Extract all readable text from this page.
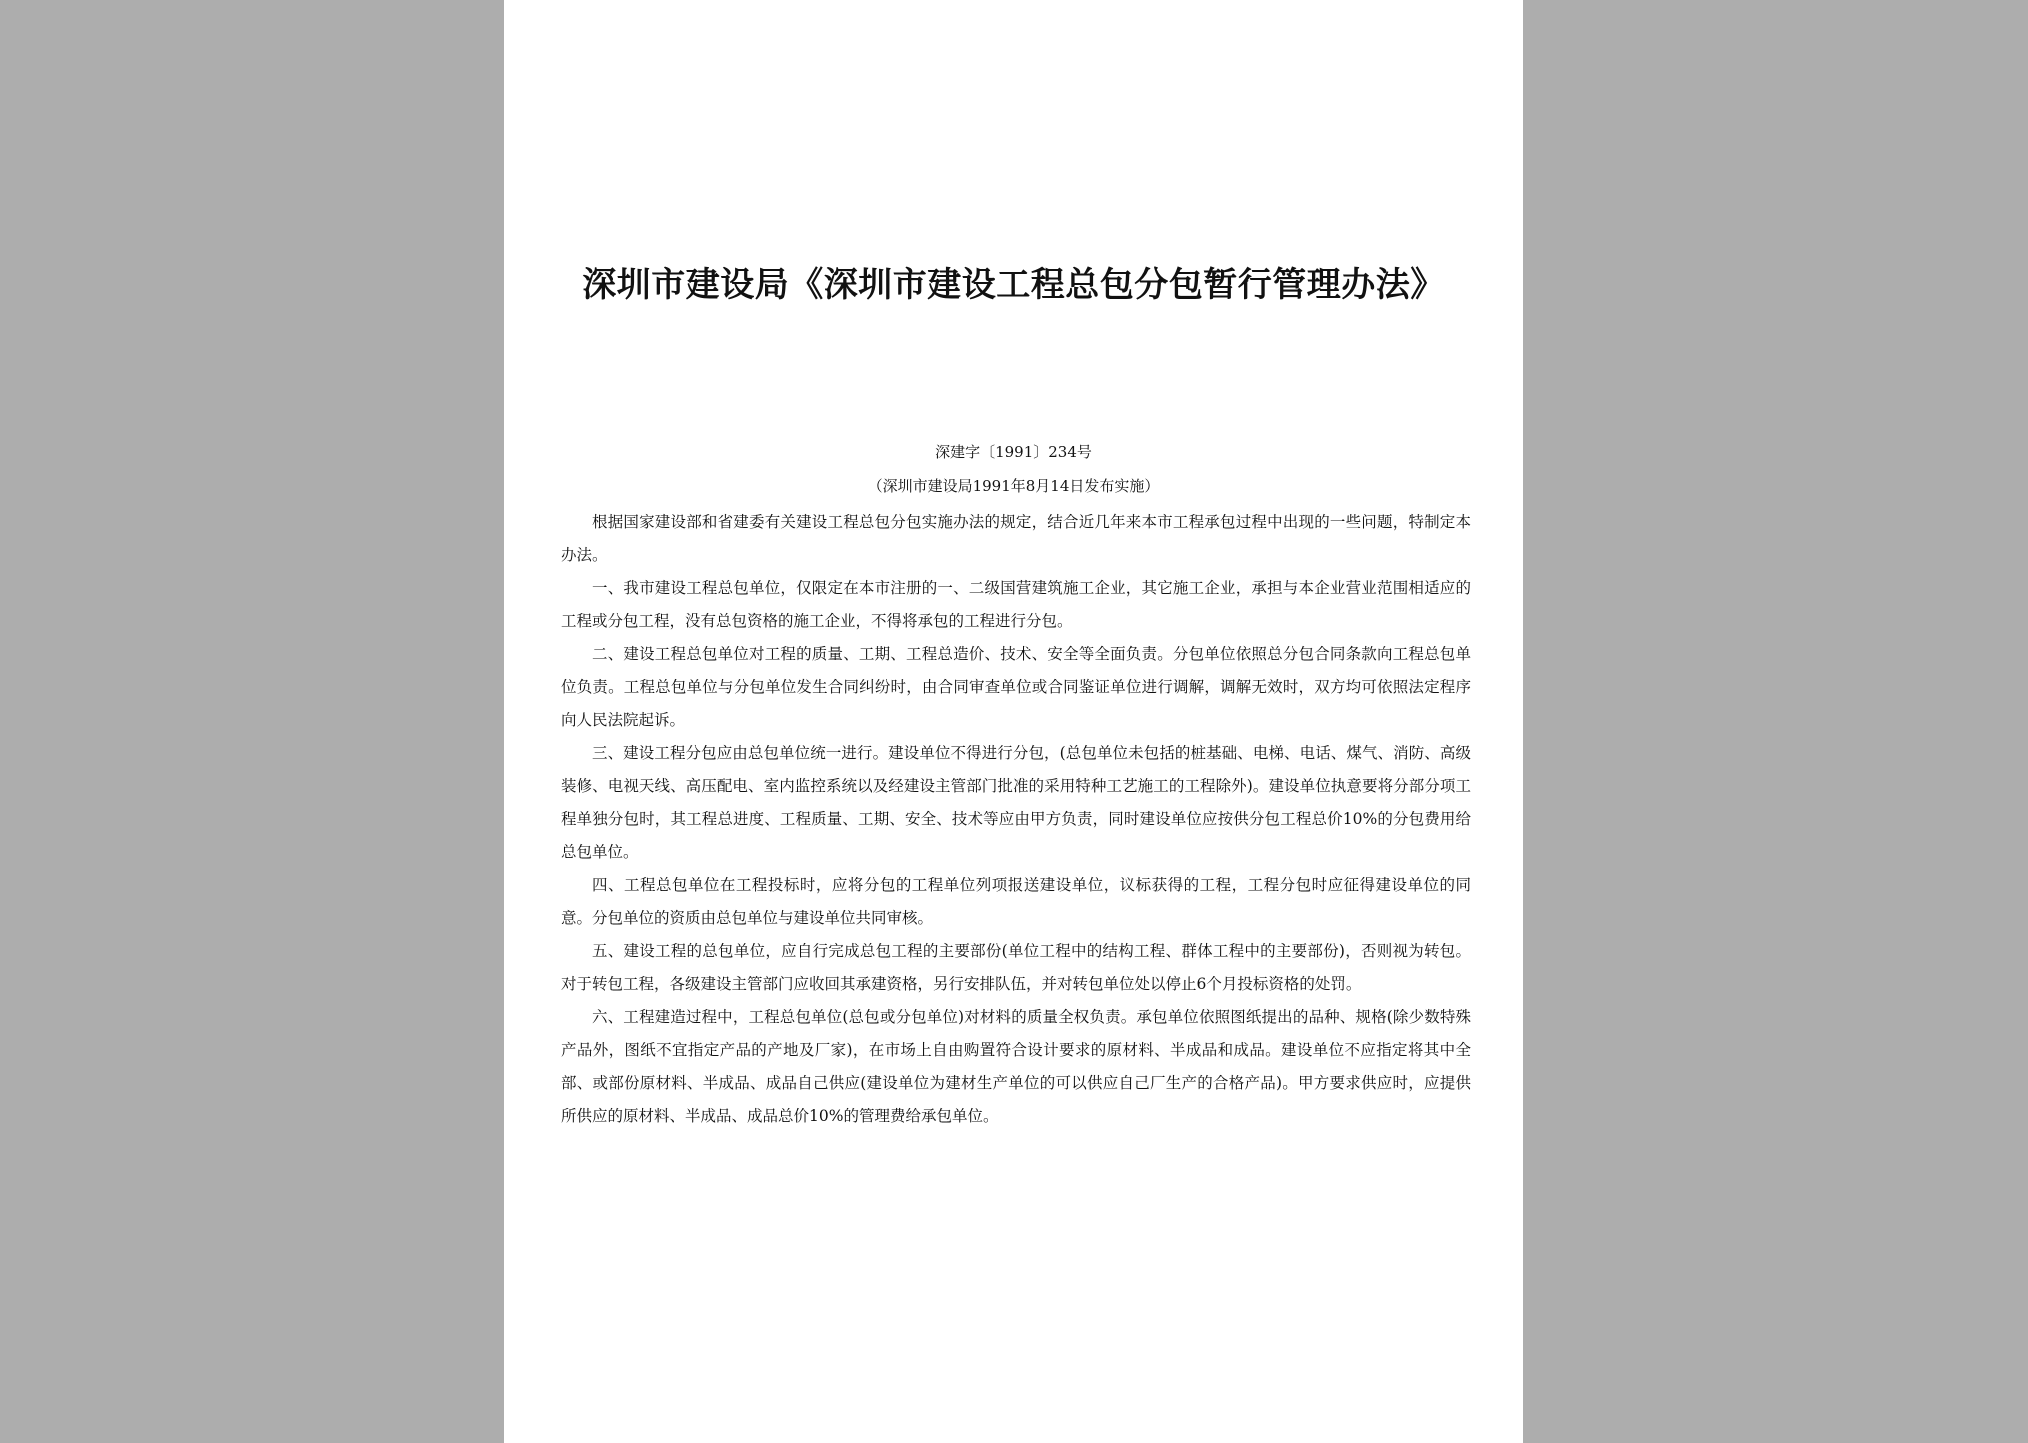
深圳市建设局《深圳市建设工程总包分包暂行管理办法》
深建字〔1991〕234号
（深圳市建设局1991年8月14日发布实施）

根据国家建设部和省建委有关建设工程总包分包实施办法的规定，结合近几年来本市工程承包过程中出现的一些问题，特制定本办法。

一、我市建设工程总包单位，仅限定在本市注册的一、二级国营建筑施工企业，其它施工企业，承担与本企业营业范围相适应的工程或分包工程，没有总包资格的施工企业，不得将承包的工程进行分包。

二、建设工程总包单位对工程的质量、工期、工程总造价、技术、安全等全面负责。分包单位依照总分包合同条款向工程总包单位负责。工程总包单位与分包单位发生合同纠纷时，由合同审查单位或合同鉴证单位进行调解，调解无效时，双方均可依照法定程序向人民法院起诉。

三、建设工程分包应由总包单位统一进行。建设单位不得进行分包，(总包单位未包括的桩基础、电梯、电话、煤气、消防、高级装修、电视天线、高压配电、室内监控系统以及经建设主管部门批准的采用特种工艺施工的工程除外)。建设单位执意要将分部分项工程单独分包时，其工程总进度、工程质量、工期、安全、技术等应由甲方负责，同时建设单位应按供分包工程总价10%的分包费用给总包单位。

四、工程总包单位在工程投标时，应将分包的工程单位列项报送建设单位，议标获得的工程，工程分包时应征得建设单位的同意。分包单位的资质由总包单位与建设单位共同审核。

五、建设工程的总包单位，应自行完成总包工程的主要部份(单位工程中的结构工程、群体工程中的主要部份)，否则视为转包。对于转包工程，各级建设主管部门应收回其承建资格，另行安排队伍，并对转包单位处以停止6个月投标资格的处罚。

六、工程建造过程中，工程总包单位(总包或分包单位)对材料的质量全权负责。承包单位依照图纸提出的品种、规格(除少数特殊产品外，图纸不宜指定产品的产地及厂家)，在市场上自由购置符合设计要求的原材料、半成品和成品。建设单位不应指定将其中全部、或部份原材料、半成品、成品自己供应(建设单位为建材生产单位的可以供应自己厂生产的合格产品)。甲方要求供应时，应提供所供应的原材料、半成品、成品总价10%的管理费给承包单位。
